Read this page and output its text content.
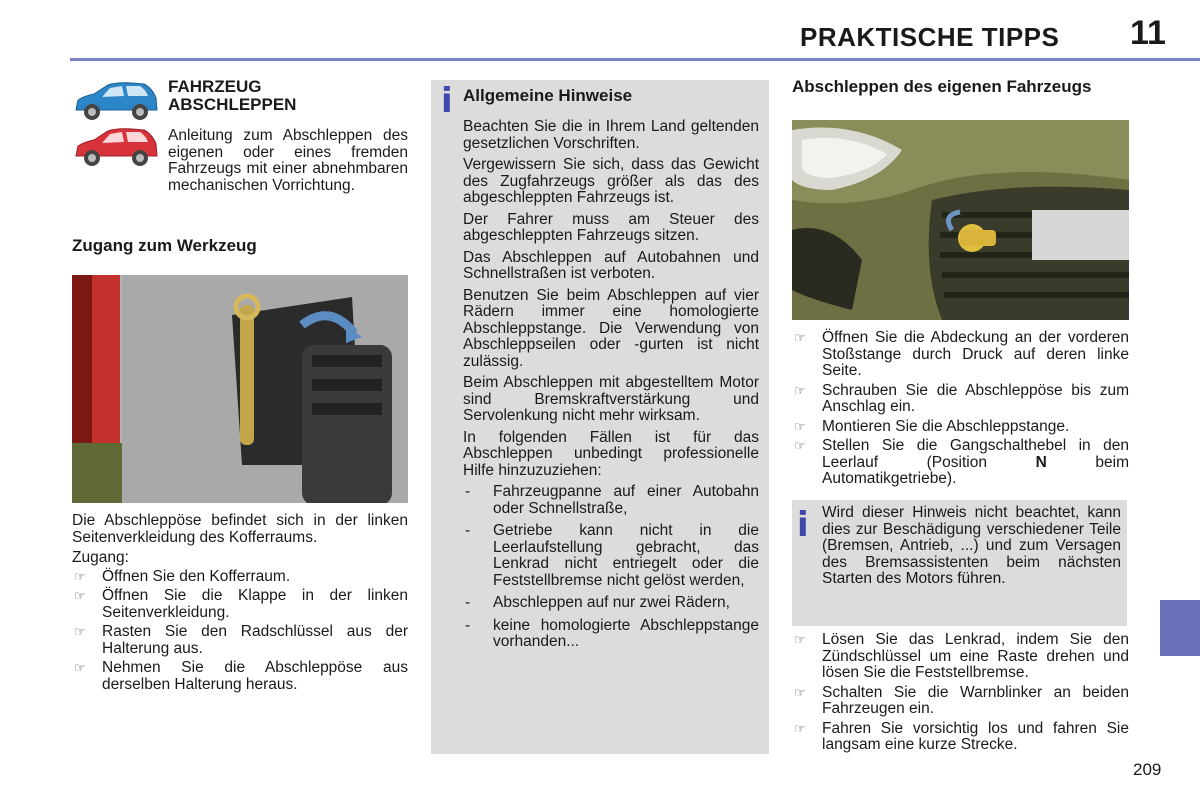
PRAKTISCHE TIPPS 11
209
FAHRZEUG
ABSCHLEPPEN
Anleitung zum Abschleppen des eigenen oder eines fremden Fahrzeugs mit einer abnehmbaren mechanischen Vorrichtung.
Zugang zum Werkzeug

Die Abschleppöse befindet sich in der linken Seitenverkleidung des Kofferraums.

Zugang:

☞ Öffnen Sie den Kofferraum.
☞ Öffnen Sie die Klappe in der linken Seitenverkleidung.
☞ Rasten Sie den Radschlüssel aus der Halterung aus.
☞ Nehmen Sie die Abschleppöse aus derselben Halterung heraus.
i Allgemeine Hinweise

Beachten Sie die in Ihrem Land geltenden gesetzlichen Vorschriften.

Vergewissern Sie sich, dass das Gewicht des Zugfahrzeugs größer als das des abgeschleppten Fahrzeugs ist.

Der Fahrer muss am Steuer des abgeschleppten Fahrzeugs sitzen.

Das Abschleppen auf Autobahnen und Schnellstraßen ist verboten.

Benutzen Sie beim Abschleppen auf vier Rädern immer eine homologierte Abschleppstange. Die Verwendung von Abschleppseilen oder -gurten ist nicht zulässig.

Beim Abschleppen mit abgestelltem Motor sind Bremskraftverstärkung und Servolenkung nicht mehr wirksam.

In folgenden Fällen ist für das Abschleppen unbedingt professionelle Hilfe hinzuzuziehen:

- Fahrzeugpanne auf einer Autobahn oder Schnellstraße,
- Getriebe kann nicht in die Leerlaufstellung gebracht, das Lenkrad nicht entriegelt oder die Feststellbremse nicht gelöst werden,
- Abschleppen auf nur zwei Rädern,
- keine homologierte Abschleppstange vorhanden...
Abschleppen des eigenen Fahrzeugs
☞ Öffnen Sie die Abdeckung an der vorderen Stoßstange durch Druck auf deren linke Seite.
☞ Schrauben Sie die Abschleppöse bis zum Anschlag ein.
☞ Montieren Sie die Abschleppstange.
☞ Stellen Sie die Gangschalthebel in den Leerlauf (Position N beim Automatikgetriebe).
i Wird dieser Hinweis nicht beachtet, kann dies zur Beschädigung verschiedener Teile (Bremsen, Antrieb, ...) und zum Versagen des Bremsassistenten beim nächsten Starten des Motors führen.
☞ Lösen Sie das Lenkrad, indem Sie den Zündschlüssel um eine Raste drehen und lösen Sie die Feststellbremse.
☞ Schalten Sie die Warnblinker an beiden Fahrzeugen ein.
☞ Fahren Sie vorsichtig los und fahren Sie langsam eine kurze Strecke.
